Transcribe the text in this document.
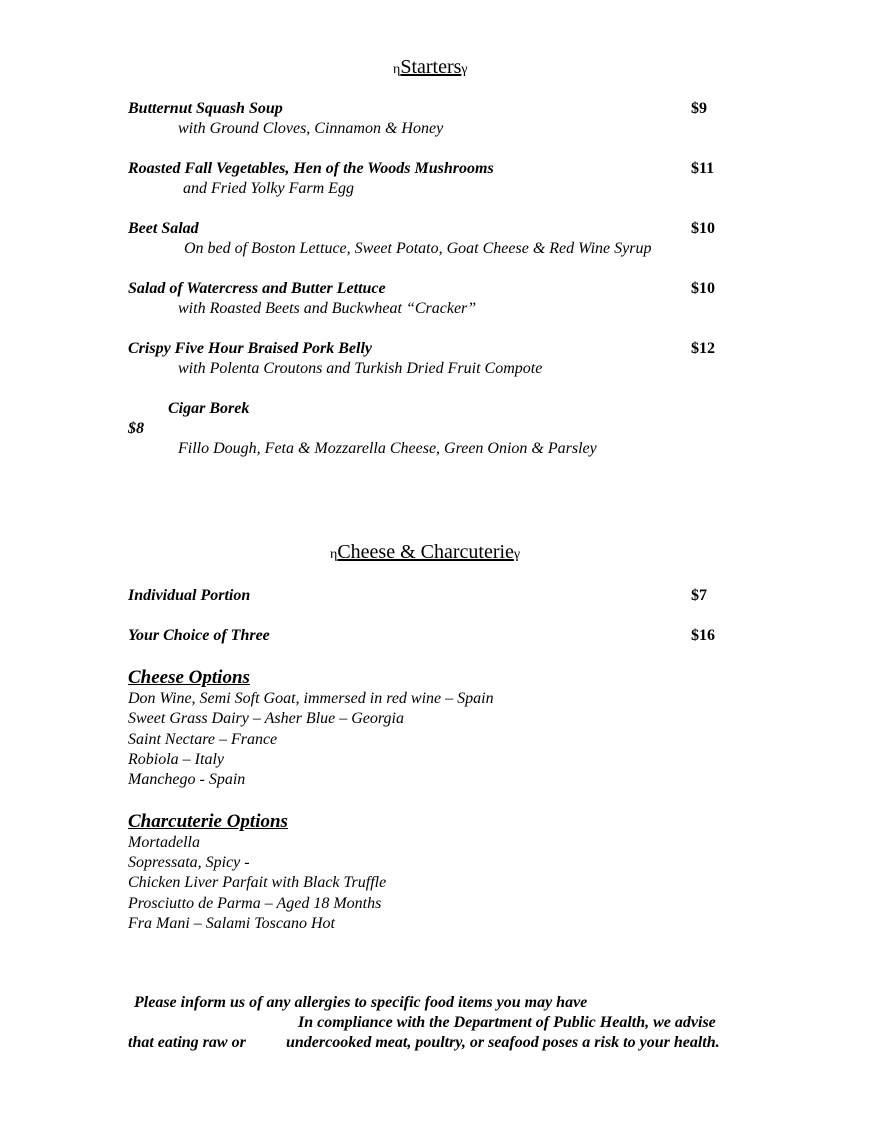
ηStartersγ
Butternut Squash Soup	$9
with Ground Cloves, Cinnamon & Honey
Roasted Fall Vegetables, Hen of the Woods Mushrooms	$11
and Fried Yolky Farm Egg
Beet Salad	$10
On bed of Boston Lettuce, Sweet Potato, Goat Cheese & Red Wine Syrup
Salad of Watercress and Butter Lettuce	$10
with Roasted Beets and Buckwheat “Cracker”
Crispy Five Hour Braised Pork Belly	$12
with Polenta Croutons and Turkish Dried Fruit Compote
Cigar Borek
$8
Fillo Dough, Feta & Mozzarella Cheese, Green Onion & Parsley
ηCheese & Charcuterieγ
Individual Portion	$7
Your Choice of Three	$16
Cheese Options
Don Wine, Semi Soft Goat, immersed in red wine – Spain
Sweet Grass Dairy – Asher Blue – Georgia
Saint Nectare – France
Robiola – Italy
Manchego - Spain
Charcuterie Options
Mortadella
Sopressata, Spicy -
Chicken Liver Parfait with Black Truffle
Prosciutto de Parma – Aged 18 Months
Fra Mani – Salami Toscano Hot
Please inform us of any allergies to specific food items you may have
In compliance with the Department of Public Health, we advise
that eating raw or	undercooked meat, poultry, or seafood poses a risk to your health.
